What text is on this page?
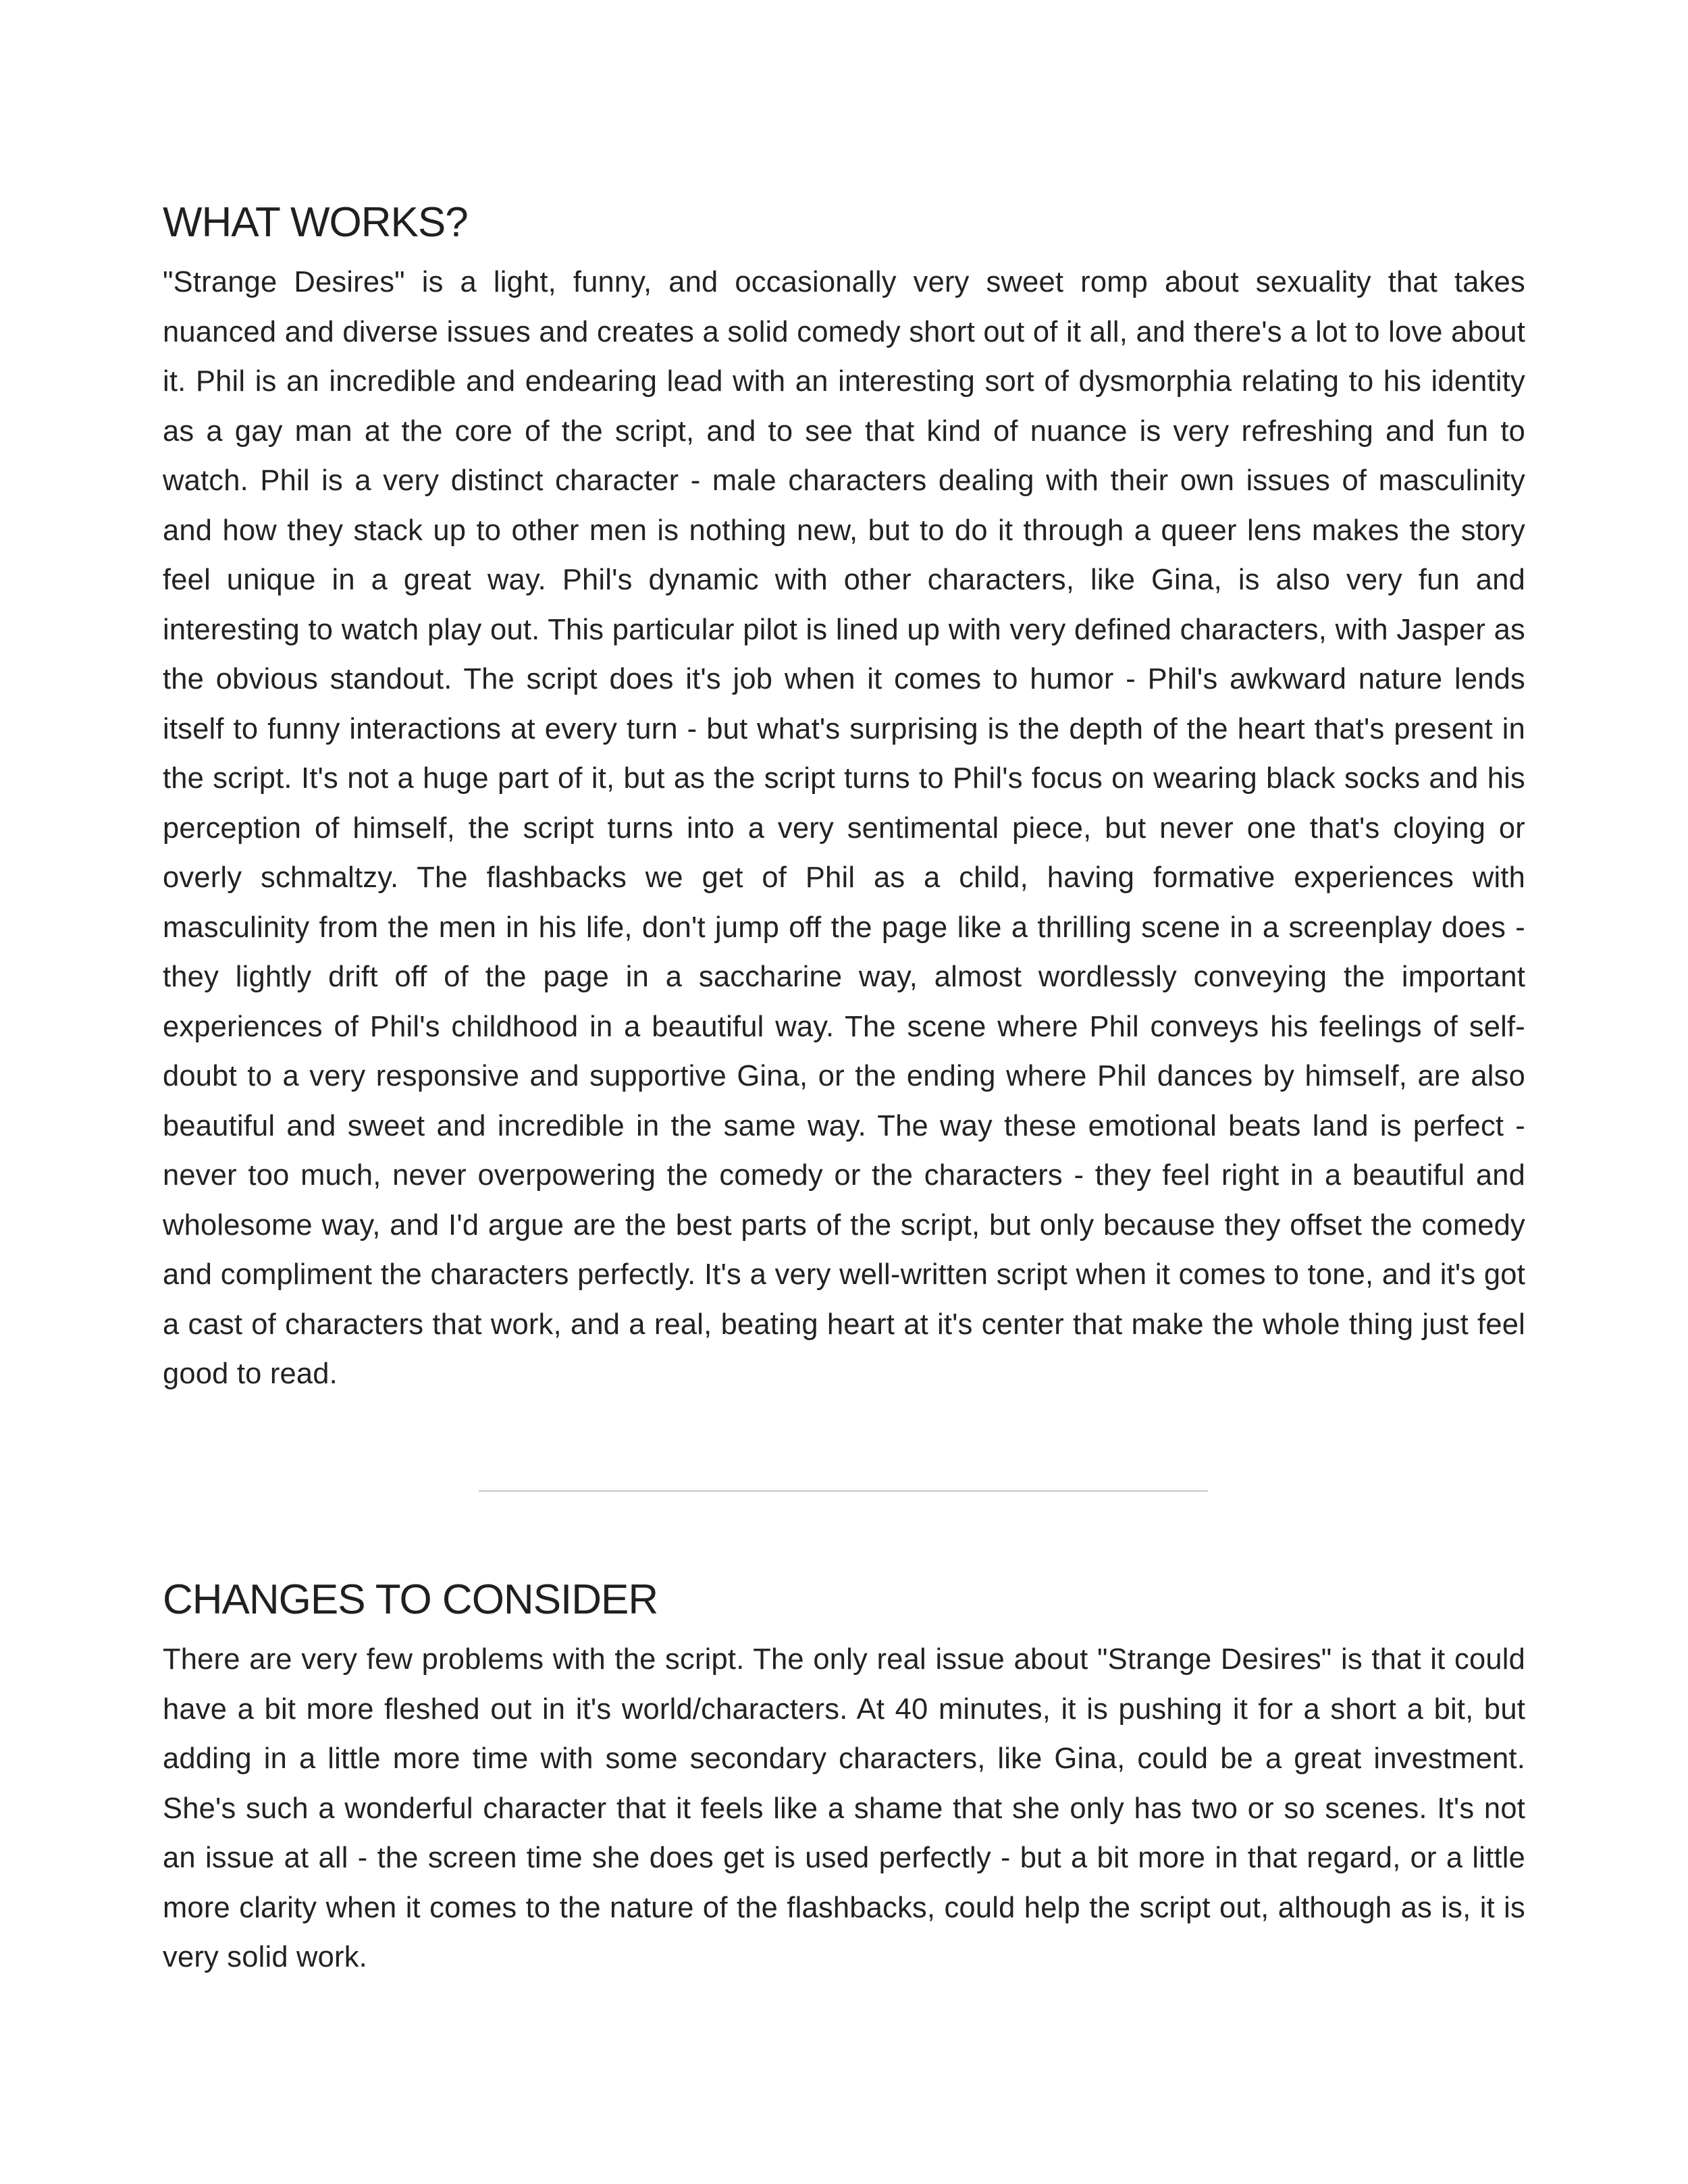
WHAT WORKS?

"Strange Desires" is a light, funny, and occasionally very sweet romp about sexuality that takes nuanced and diverse issues and creates a solid comedy short out of it all, and there's a lot to love about it. Phil is an incredible and endearing lead with an interesting sort of dysmorphia relating to his identity as a gay man at the core of the script, and to see that kind of nuance is very refreshing and fun to watch. Phil is a very distinct character - male characters dealing with their own issues of masculinity and how they stack up to other men is nothing new, but to do it through a queer lens makes the story feel unique in a great way. Phil's dynamic with other characters, like Gina, is also very fun and interesting to watch play out. This particular pilot is lined up with very defined characters, with Jasper as the obvious standout. The script does it's job when it comes to humor - Phil's awkward nature lends itself to funny interactions at every turn - but what's surprising is the depth of the heart that's present in the script. It's not a huge part of it, but as the script turns to Phil's focus on wearing black socks and his perception of himself, the script turns into a very sentimental piece, but never one that's cloying or overly schmaltzy. The flashbacks we get of Phil as a child, having formative experiences with masculinity from the men in his life, don't jump off the page like a thrilling scene in a screenplay does - they lightly drift off of the page in a saccharine way, almost wordlessly conveying the important experiences of Phil's childhood in a beautiful way. The scene where Phil conveys his feelings of self-doubt to a very responsive and supportive Gina, or the ending where Phil dances by himself, are also beautiful and sweet and incredible in the same way. The way these emotional beats land is perfect - never too much, never overpowering the comedy or the characters - they feel right in a beautiful and wholesome way, and I'd argue are the best parts of the script, but only because they offset the comedy and compliment the characters perfectly. It's a very well-written script when it comes to tone, and it's got a cast of characters that work, and a real, beating heart at it's center that make the whole thing just feel good to read.

CHANGES TO CONSIDER

There are very few problems with the script. The only real issue about "Strange Desires" is that it could have a bit more fleshed out in it's world/characters. At 40 minutes, it is pushing it for a short a bit, but adding in a little more time with some secondary characters, like Gina, could be a great investment. She's such a wonderful character that it feels like a shame that she only has two or so scenes. It's not an issue at all - the screen time she does get is used perfectly - but a bit more in that regard, or a little more clarity when it comes to the nature of the flashbacks, could help the script out, although as is, it is very solid work.
